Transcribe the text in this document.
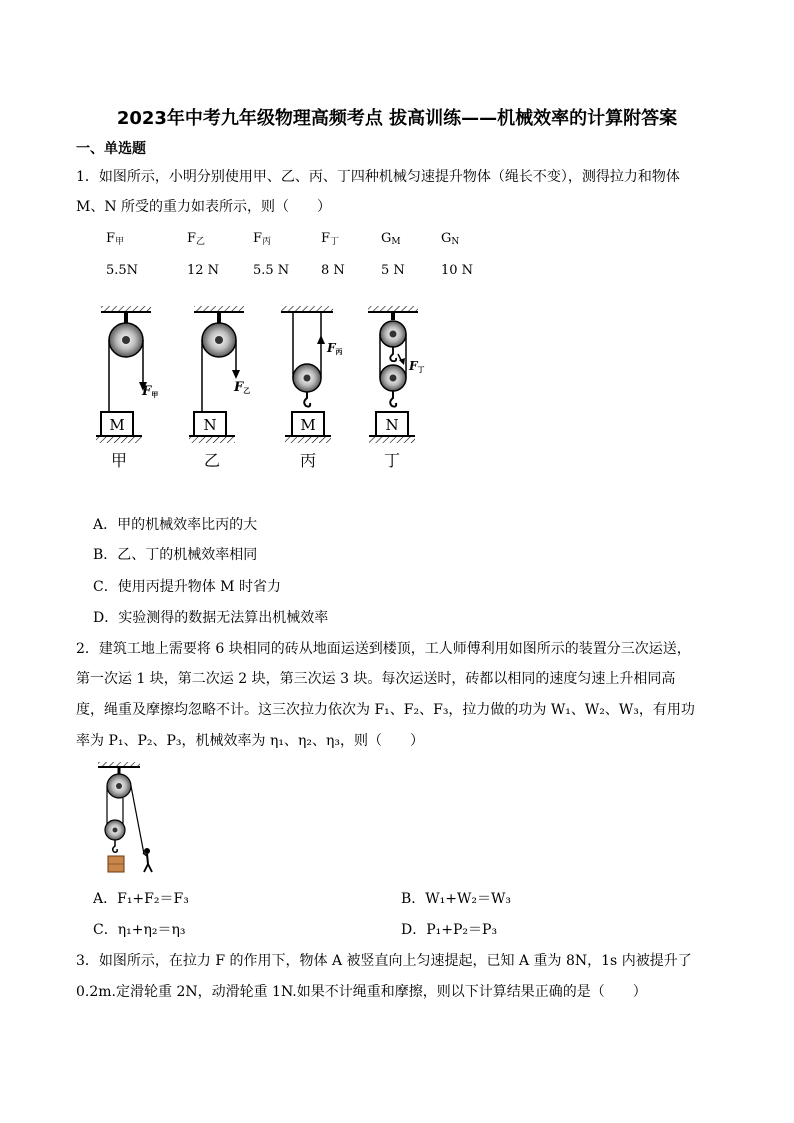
2023年中考九年级物理高频考点 拔高训练——机械效率的计算附答案
一、单选题
1．如图所示，小明分别使用甲、乙、丙、丁四种机械匀速提升物体（绳长不变），测得拉力和物体
M、N 所受的重力如表所示，则（　　）
$F_甲$	$F_乙$	$F_丙$	$F_丁$	$G_M$	$G_N$
5.5N	12 N	5.5 N 8 N	5 N	10 N
F甲	F乙
F丙
F丁
M	N	M	N
甲	乙	丙	丁
A．甲的机械效率比丙的大
B．乙、丁的机械效率相同
C．使用丙提升物体 M 时省力
D．实验测得的数据无法算出机械效率
2．建筑工地上需要将 6 块相同的砖从地面运送到楼顶，工人师傅利用如图所示的装置分三次运送，
第一次运 1 块，第二次运 2 块，第三次运 3 块。每次运送时，砖都以相同的速度匀速上升相同高
度，绳重及摩擦均忽略不计。这三次拉力依次为 F₁、F₂、F₃，拉力做的功为 W₁、W₂、W₃，有用功
率为 P₁、P₂、P₃，机械效率为 η₁、η₂、η₃，则（　　）
A．F₁+F₂＝F₃	B．W₁+W₂＝W₃
C．η₁+η₂＝η₃	D．P₁+P₂＝P₃
3．如图所示，在拉力 F 的作用下，物体 A 被竖直向上匀速提起，已知 A 重为 8N，1s 内被提升了
0.2m.定滑轮重 2N，动滑轮重 1N.如果不计绳重和摩擦，则以下计算结果正确的是（　　）
